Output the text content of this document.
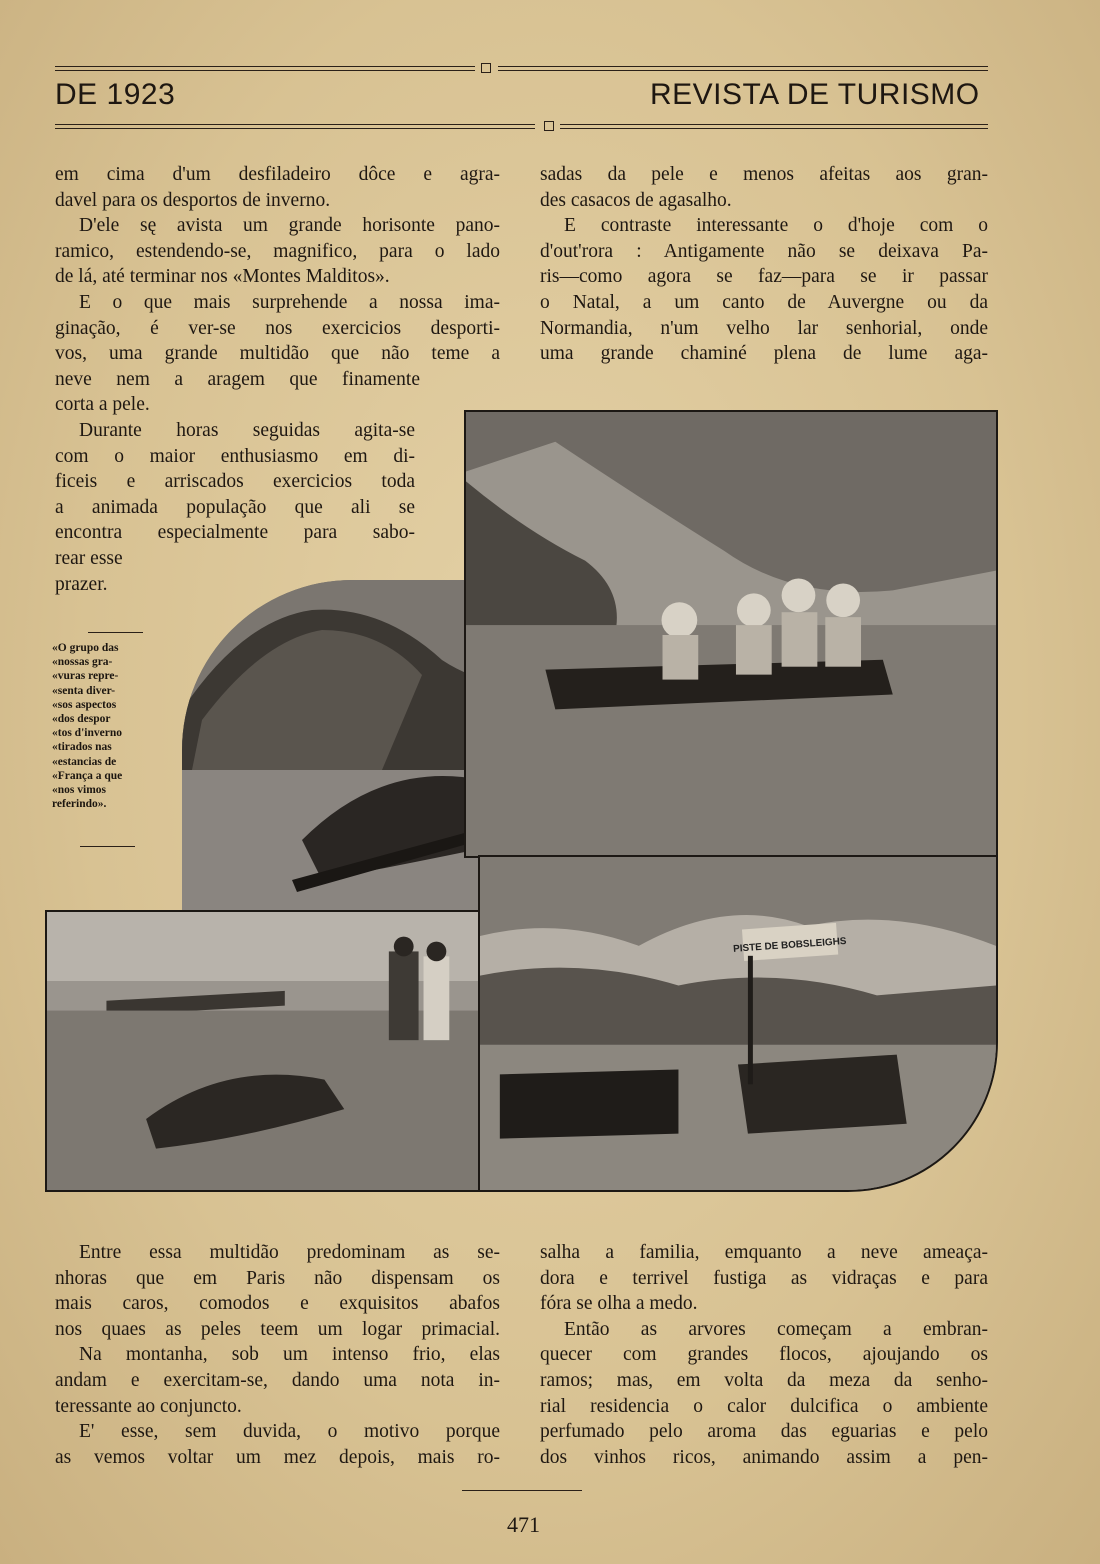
DE 1923	REVISTA DE TURISMO

em cima d'um desfiladeiro dôce e agra-
davel para os desportos de inverno.

D'ele sę avista um grande horisonte pano-
ramico, estendendo-se, magnifico, para o lado
de lá, até terminar nos «Montes Malditos».

E o que mais surprehende a nossa ima-
ginação, é ver-se nos exercicios desporti-
vos, uma grande multidão que não teme a
neve nem a aragem que finamente
corta a pele.

Durante horas seguidas agita-se
com o maior enthusiasmo em di-
ficeis e arriscados exercicios toda
a animada população que ali se
encontra especialmente para sabo-
rear esse
prazer.

sadas da pele e menos afeitas aos gran-
des casacos de agasalho.

E contraste interessante o d'hoje com o
d'out'rora : Antigamente não se deixava Pa-
ris—como agora se faz—para se ir passar
o Natal, a um canto de Auvergne ou da
Normandia, n'um velho lar senhorial, onde
uma grande chaminé plena de lume aga-

«O grupo das
«nossas gra-
«vuras repre-
«senta diver-
«sos aspectos
«dos despor
«tos d'inverno
«tirados nas
«estancias de
«França a que
«nos vimos
referindo».
PISTE DE BOBSLEIGHS

Entre essa multidão predominam as se-
nhoras que em Paris não dispensam os
mais caros, comodos e exquisitos abafos
nos quaes as peles teem um logar primacial.

Na montanha, sob um intenso frio, elas
andam e exercitam-se, dando uma nota in-
teressante ao conjuncto.

E' esse, sem duvida, o motivo porque
as vemos voltar um mez depois, mais ro-

salha a familia, emquanto a neve ameaça-
dora e terrivel fustiga as vidraças e para
fóra se olha a medo.

Então as arvores começam a embran-
quecer com grandes flocos, ajoujando os
ramos; mas, em volta da meza da senho-
rial residencia o calor dulcifica o ambiente
perfumado pelo aroma das eguarias e pelo
dos vinhos ricos, animando assim a pen-

471
